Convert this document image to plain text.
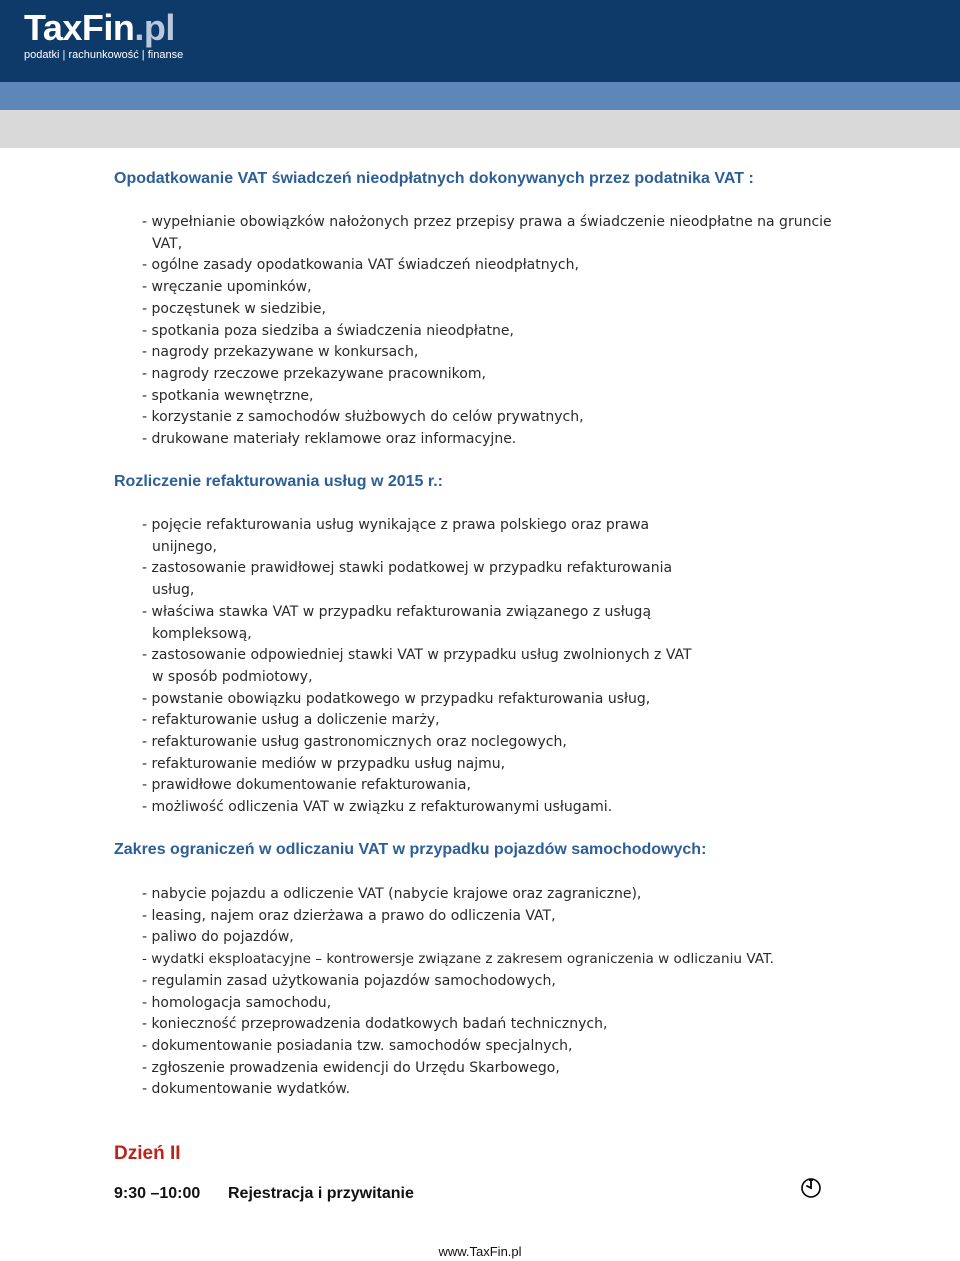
TaxFin.pl
podatki | rachunkowość | finanse
Opodatkowanie VAT świadczeń nieodpłatnych dokonywanych przez podatnika VAT :
- wypełnianie obowiązków nałożonych przez przepisy prawa a świadczenie nieodpłatne na gruncie VAT,
- ogólne zasady opodatkowania VAT świadczeń nieodpłatnych,
- wręczanie upominków,
- poczęstunek w siedzibie,
- spotkania poza siedziba a świadczenia nieodpłatne,
- nagrody przekazywane w konkursach,
- nagrody rzeczowe przekazywane pracownikom,
- spotkania wewnętrzne,
- korzystanie z samochodów służbowych do celów prywatnych,
- drukowane materiały reklamowe oraz informacyjne.
Rozliczenie refakturowania usług w 2015 r.:
- pojęcie refakturowania usług wynikające z prawa polskiego oraz prawa unijnego,
- zastosowanie prawidłowej stawki podatkowej w przypadku refakturowania usług,
- właściwa stawka VAT w przypadku refakturowania związanego z usługą kompleksową,
- zastosowanie odpowiedniej stawki VAT w przypadku usług zwolnionych z VAT w sposób podmiotowy,
- powstanie obowiązku podatkowego w przypadku refakturowania usług,
- refakturowanie usług a doliczenie marży,
- refakturowanie usług gastronomicznych oraz noclegowych,
- refakturowanie mediów w przypadku usług najmu,
- prawidłowe dokumentowanie refakturowania,
- możliwość odliczenia VAT w związku z refakturowanymi usługami.
Zakres ograniczeń w odliczaniu VAT w przypadku pojazdów samochodowych:
- nabycie pojazdu a odliczenie VAT (nabycie krajowe oraz zagraniczne),
- leasing, najem oraz dzierżawa a prawo do odliczenia VAT,
- paliwo do pojazdów,
- wydatki eksploatacyjne – kontrowersje związane z zakresem ograniczenia w odliczaniu VAT.
- regulamin zasad użytkowania pojazdów samochodowych,
- homologacja samochodu,
- konieczność przeprowadzenia dodatkowych badań technicznych,
- dokumentowanie posiadania tzw. samochodów specjalnych,
- zgłoszenie prowadzenia ewidencji do Urzędu Skarbowego,
- dokumentowanie wydatków.
Dzień II
9:30 –10:00 Rejestracja i przywitanie
www.TaxFin.pl
